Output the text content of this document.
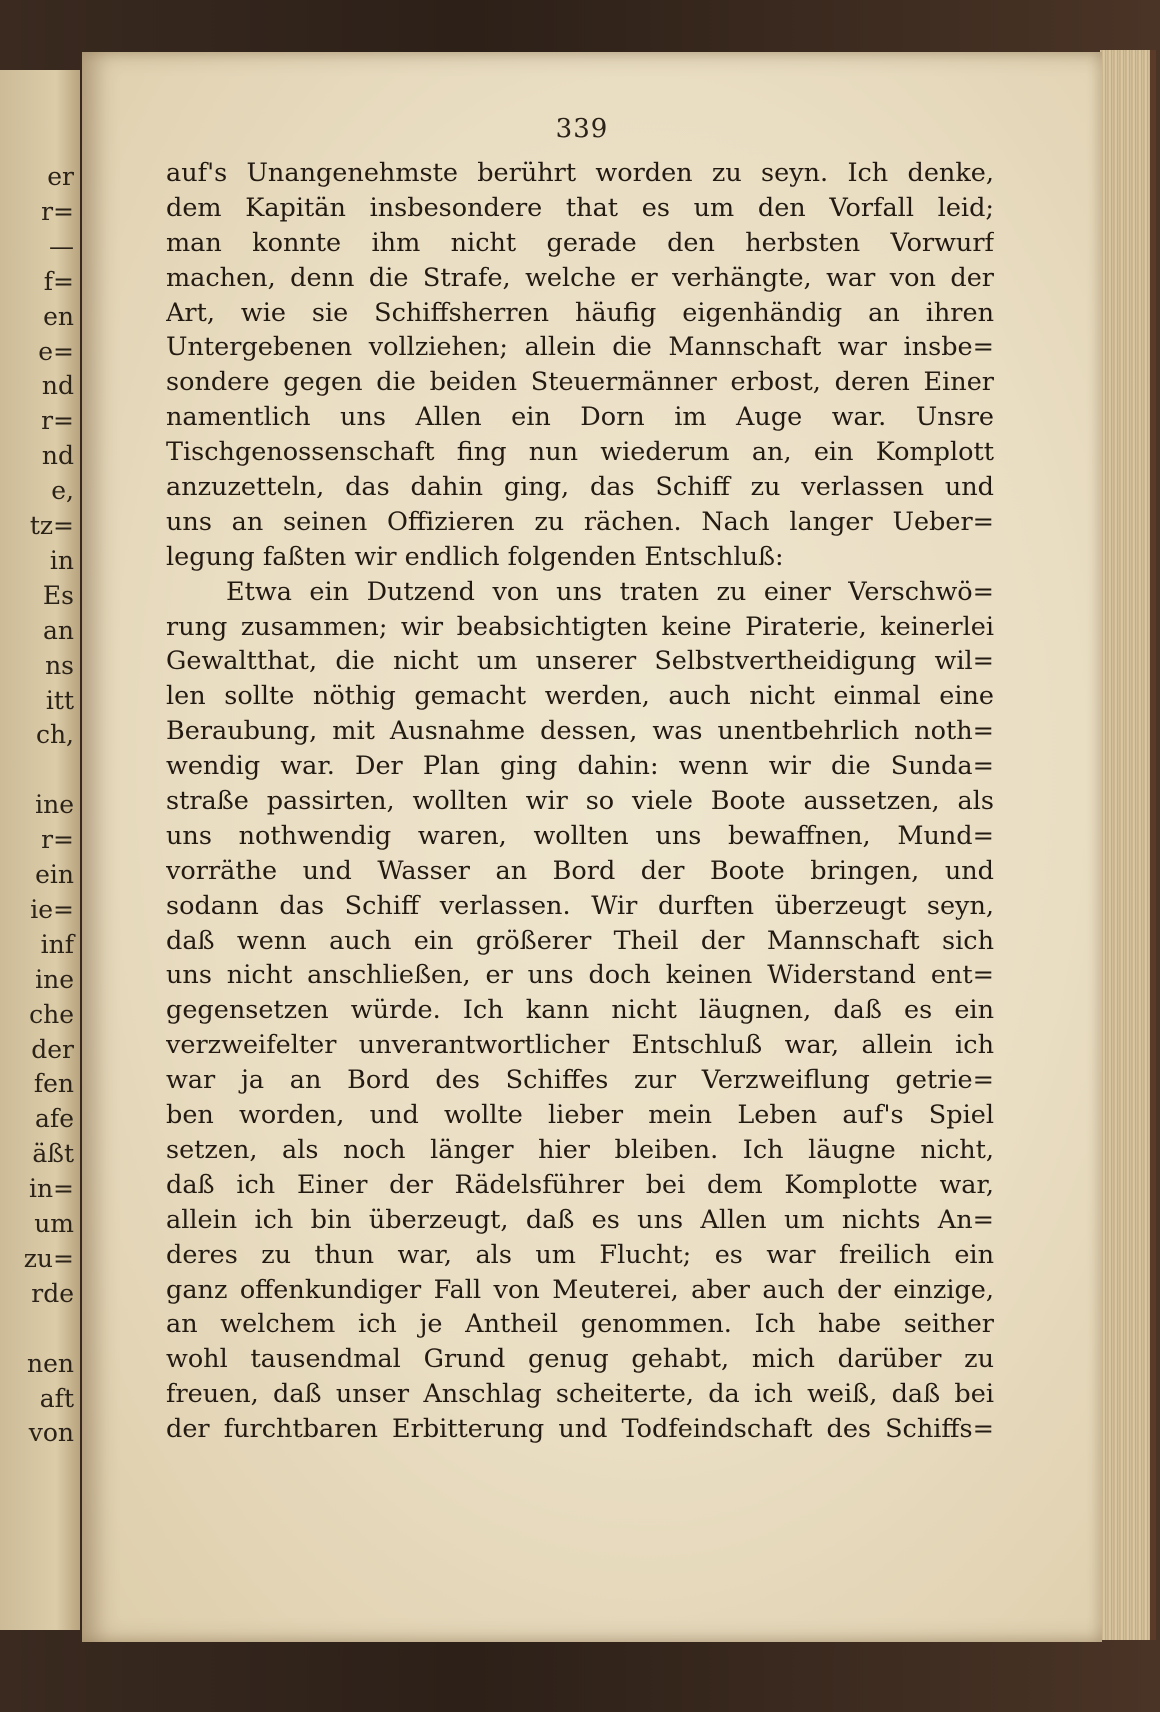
er
r=
—
f=
en
e=
nd
r=
nd
e,
tz=
in
Es
an
ns
itt
ch,
ine
r=
ein
ie=
inf
ine
che
der
fen
afe
äßt
in=
um
zu=
rde
nen
aft
von
339
auf's Unangenehmste berührt worden zu seyn. Ich denke,
dem Kapitän insbesondere that es um den Vorfall leid;
man konnte ihm nicht gerade den herbsten Vorwurf
machen, denn die Strafe, welche er verhängte, war von der
Art, wie sie Schiffsherren häufig eigenhändig an ihren
Untergebenen vollziehen; allein die Mannschaft war insbe=
sondere gegen die beiden Steuermänner erbost, deren Einer
namentlich uns Allen ein Dorn im Auge war. Unsre
Tischgenossenschaft fing nun wiederum an, ein Komplott
anzuzetteln, das dahin ging, das Schiff zu verlassen und
uns an seinen Offizieren zu rächen. Nach langer Ueber=
legung faßten wir endlich folgenden Entschluß:
Etwa ein Dutzend von uns traten zu einer Verschwö=
rung zusammen; wir beabsichtigten keine Piraterie, keinerlei
Gewaltthat, die nicht um unserer Selbstvertheidigung wil=
len sollte nöthig gemacht werden, auch nicht einmal eine
Beraubung, mit Ausnahme dessen, was unentbehrlich noth=
wendig war. Der Plan ging dahin: wenn wir die Sunda=
straße passirten, wollten wir so viele Boote aussetzen, als
uns nothwendig waren, wollten uns bewaffnen, Mund=
vorräthe und Wasser an Bord der Boote bringen, und
sodann das Schiff verlassen. Wir durften überzeugt seyn,
daß wenn auch ein größerer Theil der Mannschaft sich
uns nicht anschließen, er uns doch keinen Widerstand ent=
gegensetzen würde. Ich kann nicht läugnen, daß es ein
verzweifelter unverantwortlicher Entschluß war, allein ich
war ja an Bord des Schiffes zur Verzweiflung getrie=
ben worden, und wollte lieber mein Leben auf's Spiel
setzen, als noch länger hier bleiben. Ich läugne nicht,
daß ich Einer der Rädelsführer bei dem Komplotte war,
allein ich bin überzeugt, daß es uns Allen um nichts An=
deres zu thun war, als um Flucht; es war freilich ein
ganz offenkundiger Fall von Meuterei, aber auch der einzige,
an welchem ich je Antheil genommen. Ich habe seither
wohl tausendmal Grund genug gehabt, mich darüber zu
freuen, daß unser Anschlag scheiterte, da ich weiß, daß bei
der furchtbaren Erbitterung und Todfeindschaft des Schiffs=
